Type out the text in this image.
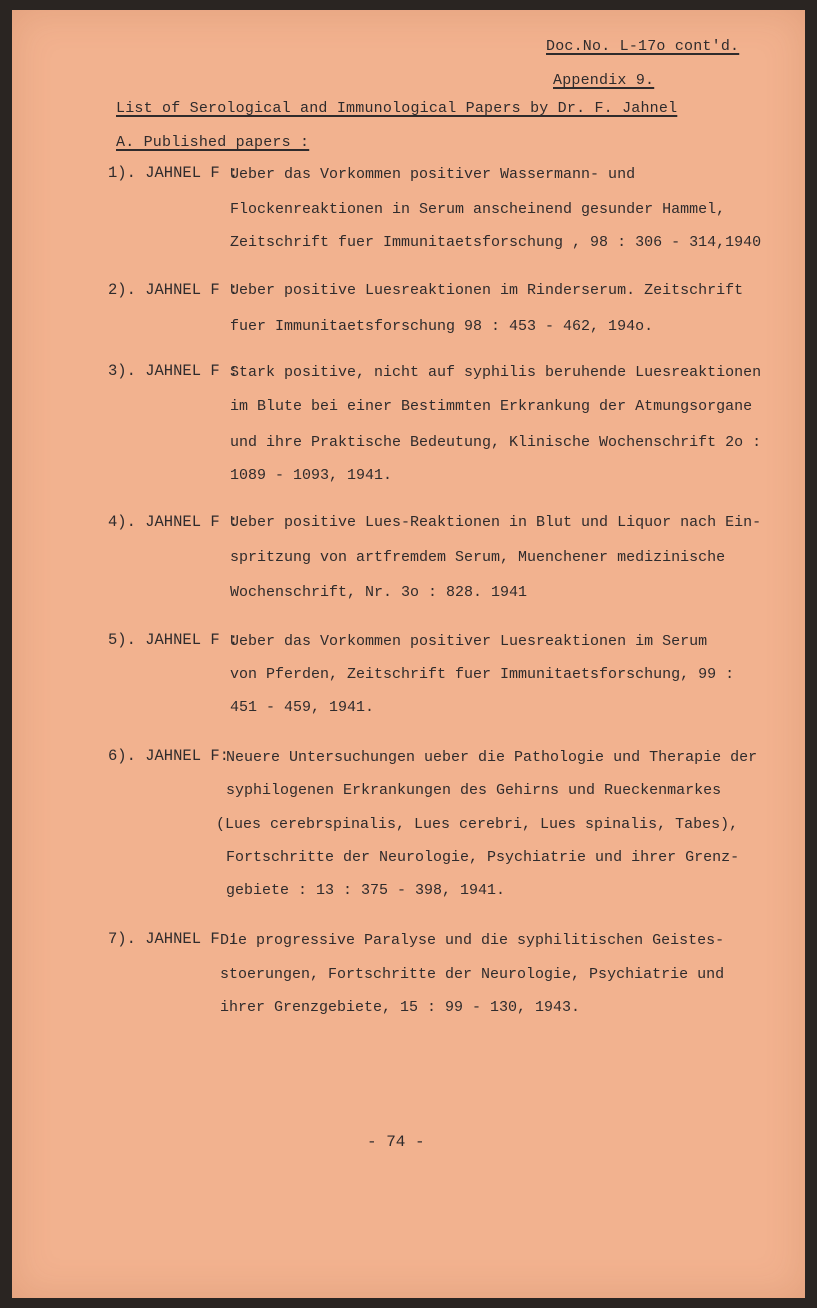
Doc.No. L-17o cont'd.
Appendix 9.
List of Serological and Immunological Papers by Dr. F. Jahnel
A. Published papers :
1). JAHNEL F :
Ueber das Vorkommen positiver Wassermann- und
Flockenreaktionen in Serum anscheinend gesunder Hammel,
Zeitschrift fuer Immunitaetsforschung , 98 : 306 - 314,1940
2). JAHNEL F :
Ueber positive Luesreaktionen im Rinderserum. Zeitschrift
fuer Immunitaetsforschung 98 : 453 - 462, 194o.
3). JAHNEL F :
Stark positive, nicht auf syphilis beruhende Luesreaktionen
im Blute bei einer Bestimmten Erkrankung der Atmungsorgane
und ihre Praktische Bedeutung, Klinische Wochenschrift 2o :
1089 - 1093, 1941.
4). JAHNEL F :
Ueber positive Lues-Reaktionen in Blut und Liquor nach Ein-
spritzung von artfremdem Serum, Muenchener medizinische
Wochenschrift, Nr. 3o : 828. 1941
5). JAHNEL F :
Ueber das Vorkommen positiver Luesreaktionen im Serum
von Pferden, Zeitschrift fuer Immunitaetsforschung, 99 :
451 - 459, 1941.
6). JAHNEL F:
Neuere Untersuchungen ueber die Pathologie und Therapie der
syphilogenen Erkrankungen des Gehirns und Rueckenmarkes
(Lues cerebrspinalis, Lues cerebri, Lues spinalis, Tabes),
Fortschritte der Neurologie, Psychiatrie und ihrer Grenz-
gebiete : 13 : 375 - 398, 1941.
7). JAHNEL F :
Die progressive Paralyse und die syphilitischen Geistes-
stoerungen, Fortschritte der Neurologie, Psychiatrie und
ihrer Grenzgebiete, 15 : 99 - 130, 1943.
- 74 -
